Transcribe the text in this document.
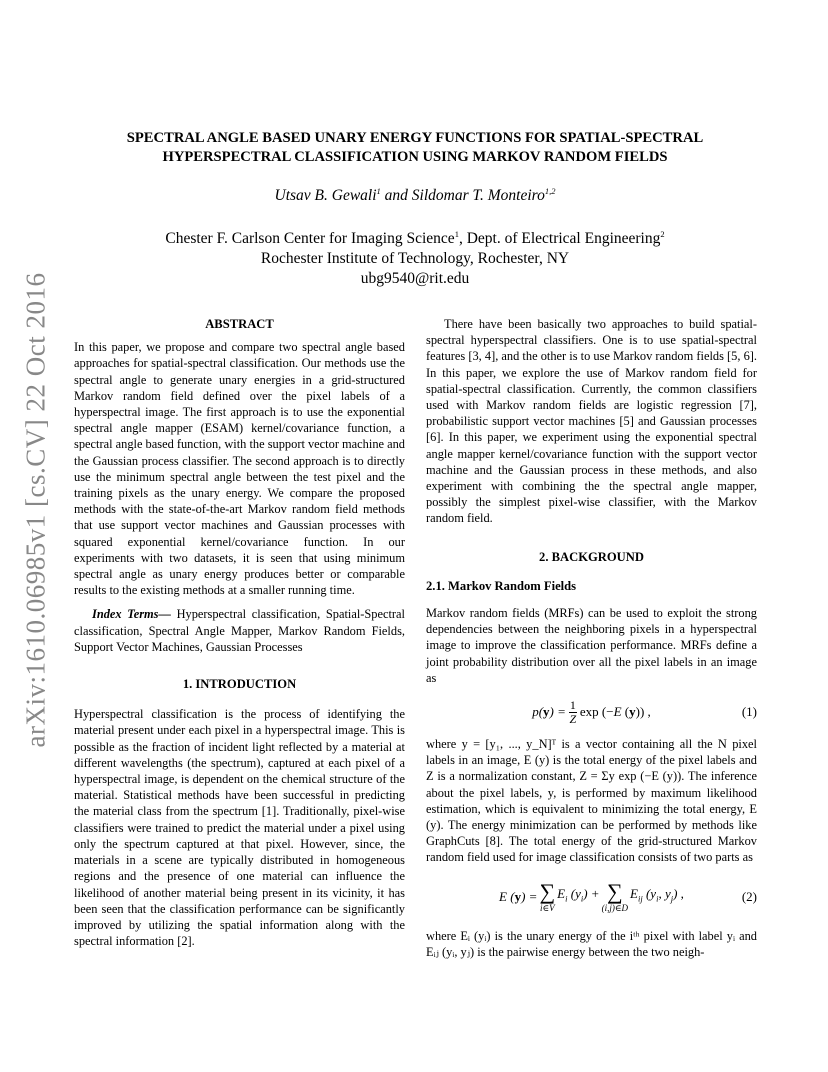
arXiv:1610.06985v1 [cs.CV] 22 Oct 2016
SPECTRAL ANGLE BASED UNARY ENERGY FUNCTIONS FOR SPATIAL-SPECTRAL
HYPERSPECTRAL CLASSIFICATION USING MARKOV RANDOM FIELDS
Utsav B. Gewali$^1$ and Sildomar T. Monteiro$^{1,2}$
Chester F. Carlson Center for Imaging Science$^1$, Dept. of Electrical Engineering$^2$
Rochester Institute of Technology, Rochester, NY
ubg9540@rit.edu
ABSTRACT

In this paper, we propose and compare two spectral angle based approaches for spatial-spectral classification. Our methods use the spectral angle to generate unary energies in a grid-structured Markov random field defined over the pixel labels of a hyperspectral image. The first approach is to use the exponential spectral angle mapper (ESAM) kernel/covariance function, a spectral angle based function, with the support vector machine and the Gaussian process classifier. The second approach is to directly use the minimum spectral angle between the test pixel and the training pixels as the unary energy. We compare the proposed methods with the state-of-the-art Markov random field methods that use support vector machines and Gaussian processes with squared exponential kernel/covariance function. In our experiments with two datasets, it is seen that using minimum spectral angle as unary energy produces better or comparable results to the existing methods at a smaller running time.

Index Terms— Hyperspectral classification, Spatial-Spectral classification, Spectral Angle Mapper, Markov Random Fields, Support Vector Machines, Gaussian Processes

1. INTRODUCTION

Hyperspectral classification is the process of identifying the material present under each pixel in a hyperspectral image. This is possible as the fraction of incident light reflected by a material at different wavelengths (the spectrum), captured at each pixel of a hyperspectral image, is dependent on the chemical structure of the material. Statistical methods have been successful in predicting the material class from the spectrum [1]. Traditionally, pixel-wise classifiers were trained to predict the material under a pixel using only the spectrum captured at that pixel. However, since, the materials in a scene are typically distributed in homogeneous regions and the presence of one material can influence the likelihood of another material being present in its vicinity, it has been seen that the classification performance can be significantly improved by utilizing the spatial information along with the spectral information [2].

There have been basically two approaches to build spatial-spectral hyperspectral classifiers. One is to use spatial-spectral features [3, 4], and the other is to use Markov random fields [5, 6]. In this paper, we explore the use of Markov random field for spatial-spectral classification. Currently, the common classifiers used with Markov random fields are logistic regression [7], probabilistic support vector machines [5] and Gaussian processes [6]. In this paper, we experiment using the exponential spectral angle mapper kernel/covariance function with the support vector machine and the Gaussian process in these methods, and also experiment with combining the the spectral angle mapper, possibly the simplest pixel-wise classifier, with the Markov random field.

2. BACKGROUND
2.1. Markov Random Fields

Markov random fields (MRFs) can be used to exploit the strong dependencies between the neighboring pixels in a hyperspectral image to improve the classification performance. MRFs define a joint probability distribution over all the pixel labels in an image as

$p(y) = \frac{1}{Z}$ exp (−E (y)) ,	(1)

where y = [y₁, ..., y_N]ᵀ is a vector containing all the N pixel labels in an image, E (y) is the total energy of the pixel labels and Z is a normalization constant, Z = Σy exp (−E (y)). The inference about the pixel labels, y, is performed by maximum likelihood estimation, which is equivalent to minimizing the total energy, E (y). The energy minimization can be performed by methods like GraphCuts [8]. The total energy of the grid-structured Markov random field used for image classification consists of two parts as

E (y) = ∑
i∈V
$E_i$ $(y_i)$ + ∑
(i,j)∈D
$E_{ij}$ ($y_i$, $y_j$) ,	(2)

where Eᵢ (yᵢ) is the unary energy of the iᵗʰ pixel with label yᵢ and Eᵢⱼ (yᵢ, yⱼ) is the pairwise energy between the two neigh-
